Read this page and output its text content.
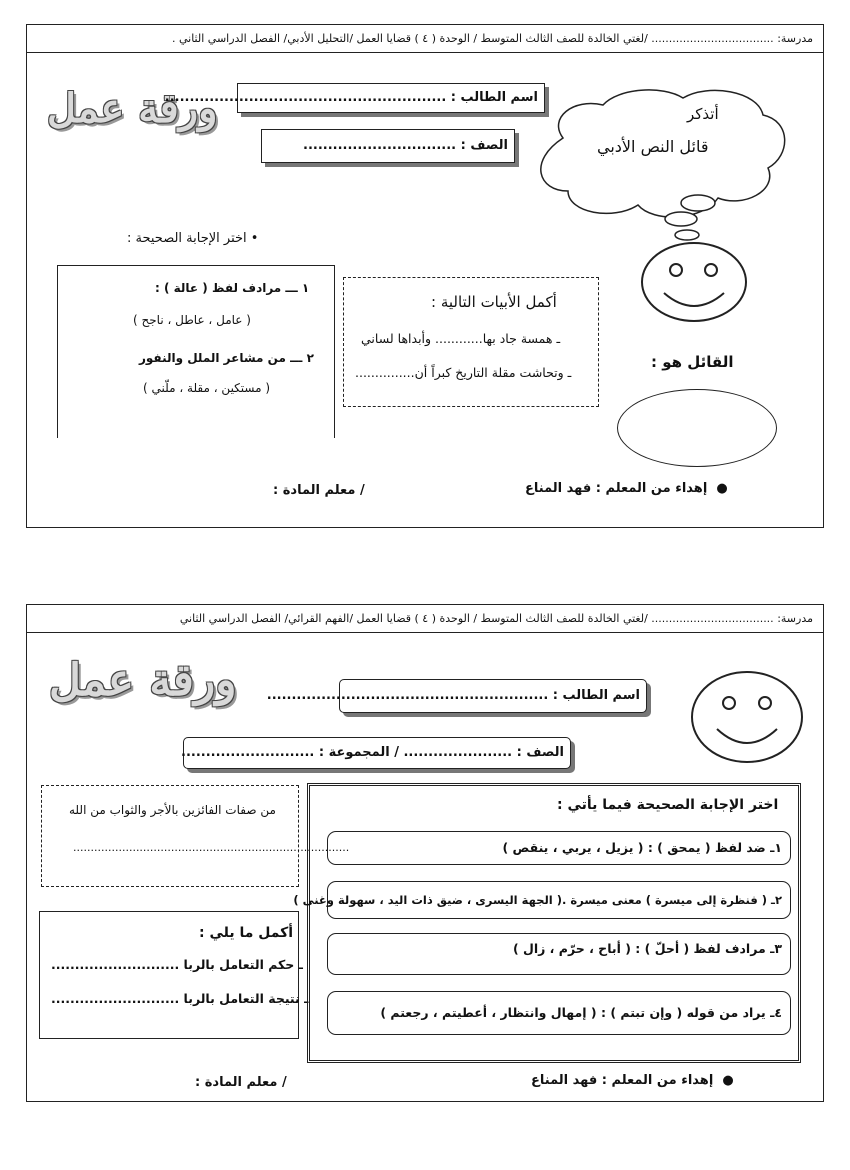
مدرسة: ................................... /لغتي الخالدة للصف الثالث المتوسط / الوحدة ( ٤ ) قضايا العمل /التحليل الأدبي/ الفصل الدراسي الثاني .
ورقة عمل
اسم الطالب : .........................................................
الصف : ...............................
أتذكر
قائل النص الأدبي
• اختر الإجابة الصحيحة :
١ ـــ مرادف لفظ ( عالة ) :
( عامل ، عاطل ، ناجح )
٢ ـــ من مشاعر الملل والنفور
( مستكين ، مقلة ، ملّني )
أكمل الأبيات التالية :
ـ همسة جاد بها............ وأبداها لساني
ـ وتحاشت مقلة التاريخ كبراً أن...............
القائل هو :
●  إهداء من المعلم : فهد المناع
/ معلم المادة :
مدرسة: ................................... /لغتي الخالدة للصف الثالث المتوسط / الوحدة ( ٤ ) قضايا العمل /الفهم القرائي/ الفصل الدراسي الثاني
ورقة عمل اسم الطالب : .........................................................
الصف : ...................... / المجموعة : ...........................
من صفات الفائزين بالأجر والثواب من الله
...............................................................................
أكمل ما يلي :
ـ حكم التعامل بالربا ...........................
ـ نتيجة التعامل بالربا ...........................
اختر الإجابة الصحيحة فيما يأتي :
١ـ ضد لفظ ( يمحق ) : ( يزيل ، يربي ، ينقص )
٢ـ ( فنظرة إلى ميسرة ) معنى ميسرة .( الجهة اليسرى ، ضيق ذات اليد ، سهولة وغنى )
٣ـ مرادف لفظ ( أحلّ ) : ( أباح ، حرّم ، زال )
٤ـ يراد من قوله ( وإن تبتم ) : ( إمهال وانتظار ، أعطيتم ، رجعتم )
●  إهداء من المعلم : فهد المناع
/ معلم المادة :
